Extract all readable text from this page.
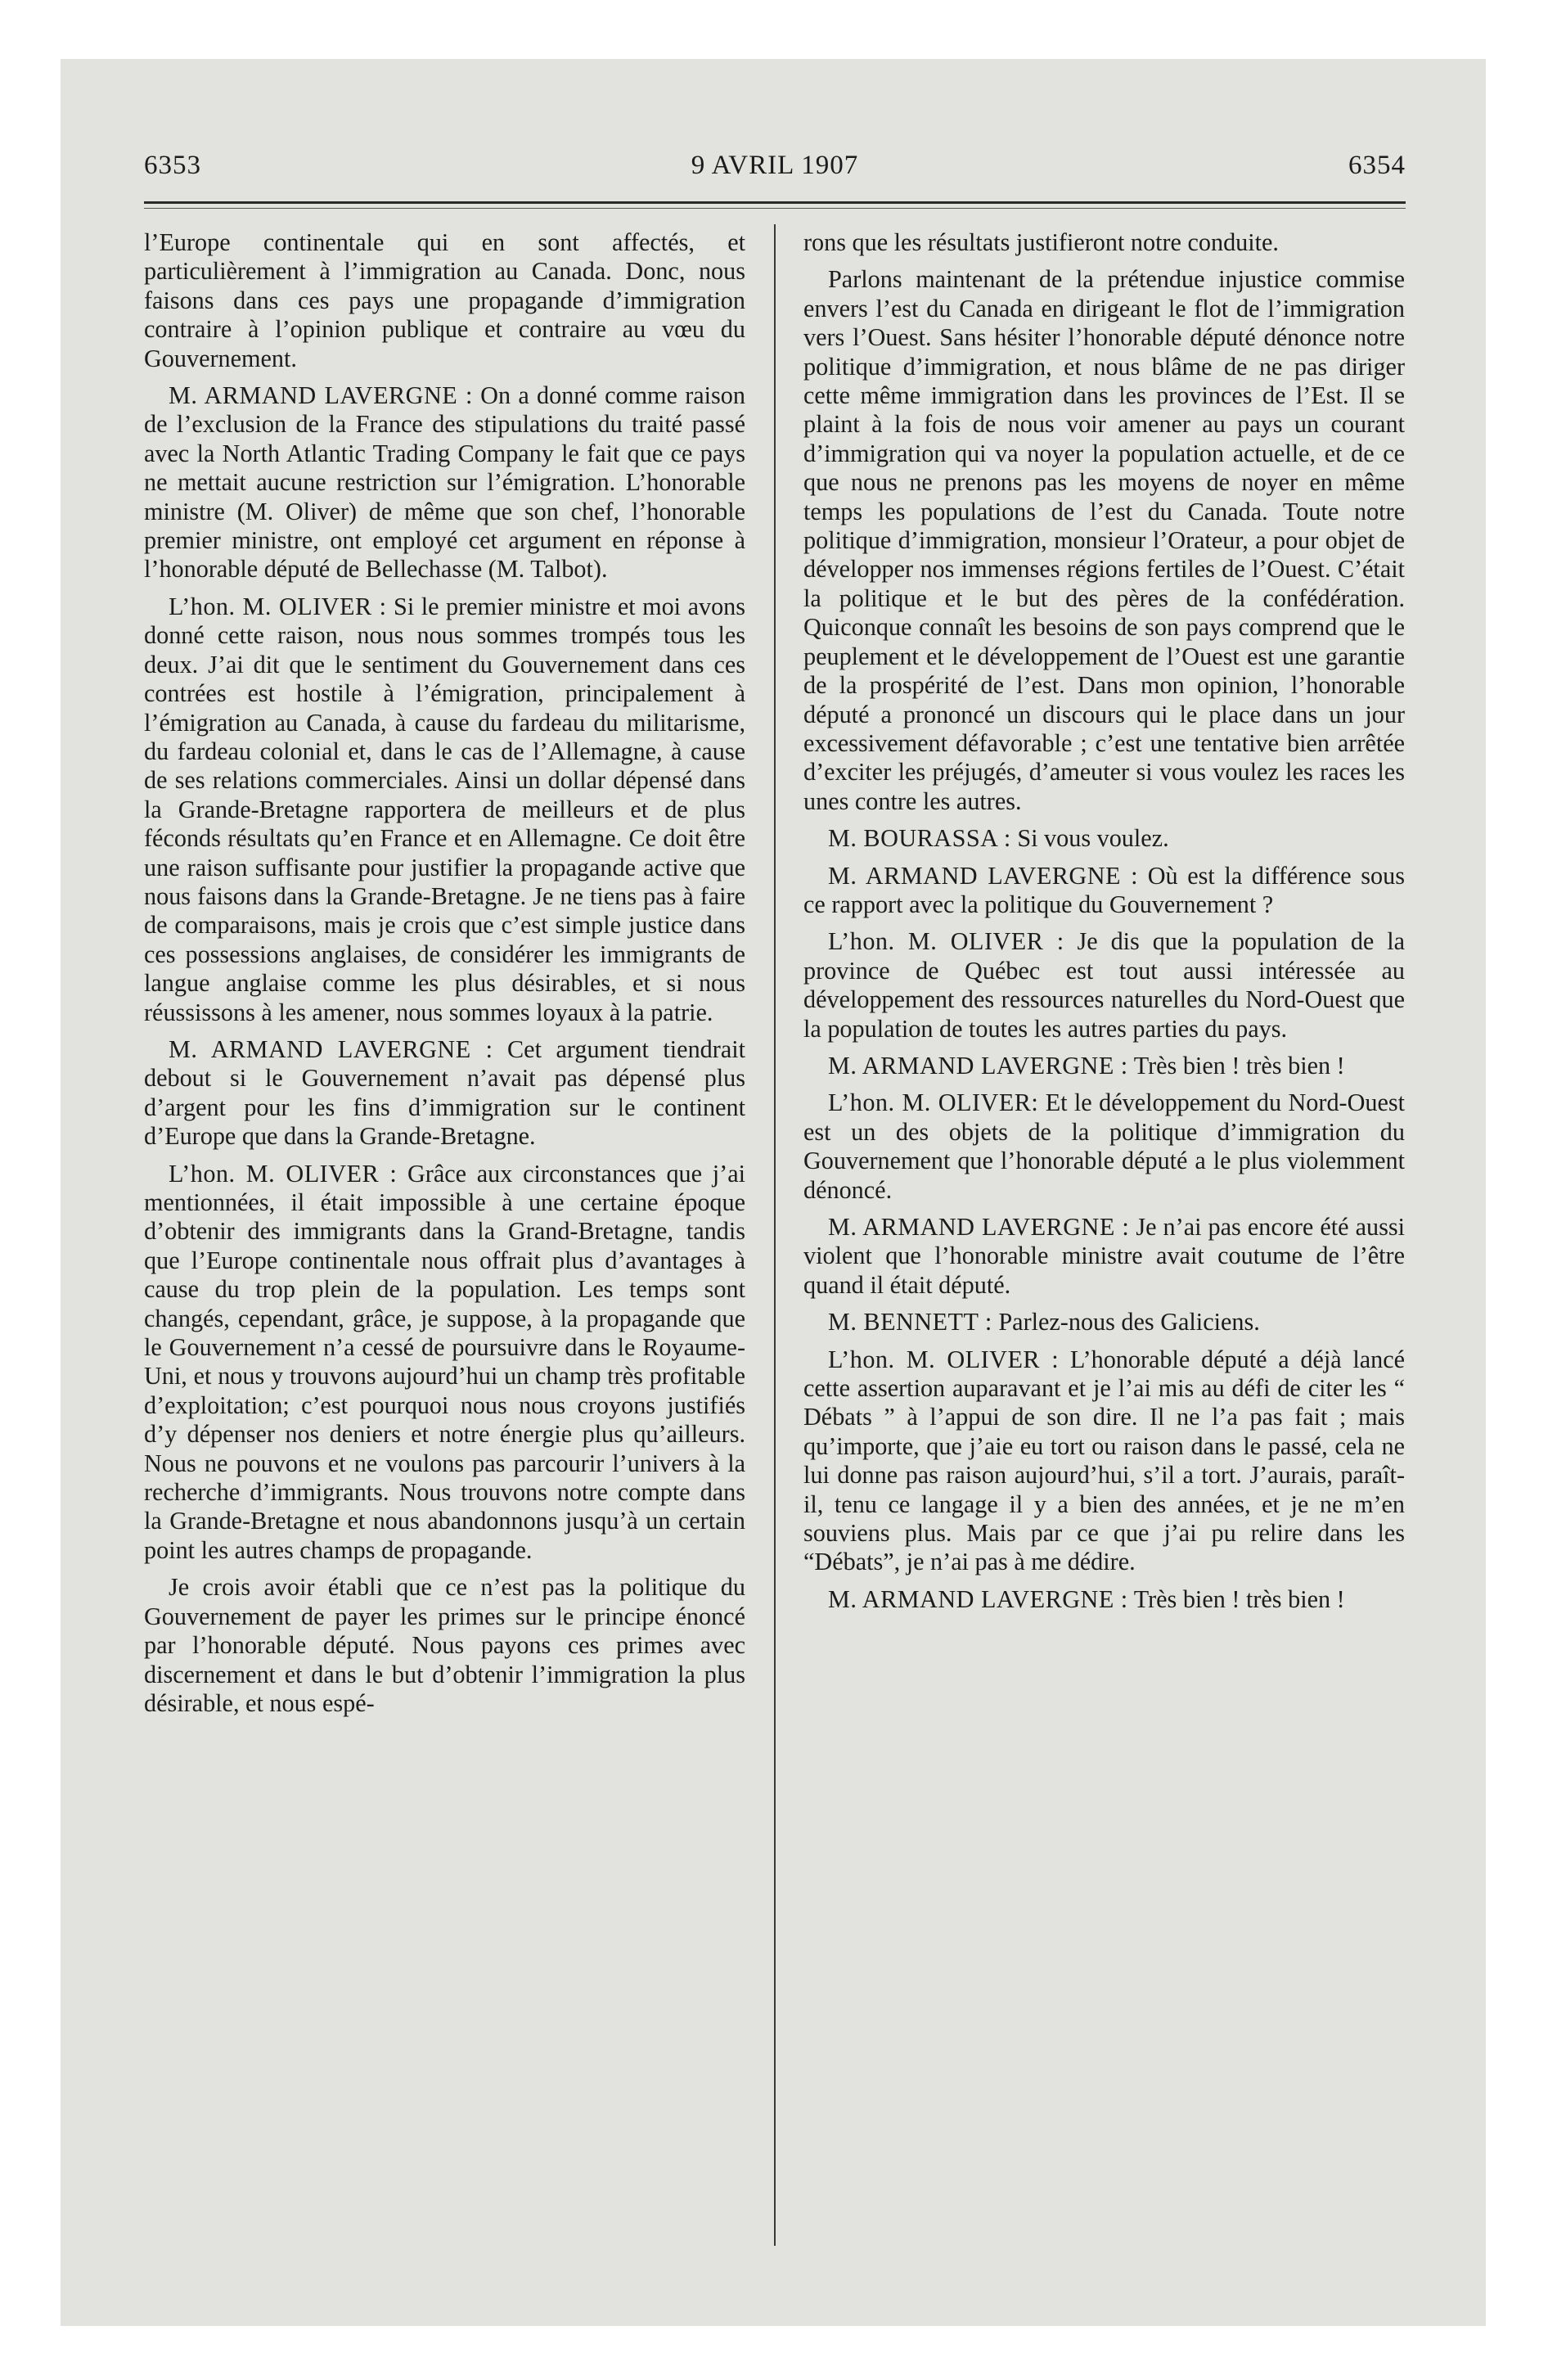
6353	9 AVRIL 1907	6354

l’Europe continentale qui en sont affectés, et particulièrement à l’immigration au Canada. Donc, nous faisons dans ces pays une propagande d’immigration contraire à l’opinion publique et contraire au vœu du Gouvernement.

M. ARMAND LAVERGNE : On a donné comme raison de l’exclusion de la France des stipulations du traité passé avec la North Atlantic Trading Company le fait que ce pays ne mettait aucune restriction sur l’émigration. L’honorable ministre (M. Oliver) de même que son chef, l’honorable premier ministre, ont employé cet argument en réponse à l’honorable député de Bellechasse (M. Talbot).

L’hon. M. OLIVER : Si le premier ministre et moi avons donné cette raison, nous nous sommes trompés tous les deux. J’ai dit que le sentiment du Gouvernement dans ces contrées est hostile à l’émigration, principalement à l’émigration au Canada, à cause du fardeau du militarisme, du fardeau colonial et, dans le cas de l’Allemagne, à cause de ses relations commerciales. Ainsi un dollar dépensé dans la Grande-Bretagne rapportera de meilleurs et de plus féconds résultats qu’en France et en Allemagne. Ce doit être une raison suffisante pour justifier la propagande active que nous faisons dans la Grande-Bretagne. Je ne tiens pas à faire de comparaisons, mais je crois que c’est simple justice dans ces possessions anglaises, de considérer les immigrants de langue anglaise comme les plus désirables, et si nous réussissons à les amener, nous sommes loyaux à la patrie.

M. ARMAND LAVERGNE : Cet argument tiendrait debout si le Gouvernement n’avait pas dépensé plus d’argent pour les fins d’immigration sur le continent d’Europe que dans la Grande-Bretagne.

L’hon. M. OLIVER : Grâce aux circonstances que j’ai mentionnées, il était impossible à une certaine époque d’obtenir des immigrants dans la Grand-Bretagne, tandis que l’Europe continentale nous offrait plus d’avantages à cause du trop plein de la population. Les temps sont changés, cependant, grâce, je suppose, à la propagande que le Gouvernement n’a cessé de poursuivre dans le Royaume-Uni, et nous y trouvons aujourd’hui un champ très profitable d’exploitation; c’est pourquoi nous nous croyons justifiés d’y dépenser nos deniers et notre énergie plus qu’ailleurs. Nous ne pouvons et ne voulons pas parcourir l’univers à la recherche d’immigrants. Nous trouvons notre compte dans la Grande-Bretagne et nous abandonnons jusqu’à un certain point les autres champs de propagande.

Je crois avoir établi que ce n’est pas la politique du Gouvernement de payer les primes sur le principe énoncé par l’honorable député. Nous payons ces primes avec discernement et dans le but d’obtenir l’immigration la plus désirable, et nous espé-

rons que les résultats justifieront notre conduite.

Parlons maintenant de la prétendue injustice commise envers l’est du Canada en dirigeant le flot de l’immigration vers l’Ouest. Sans hésiter l’honorable député dénonce notre politique d’immigration, et nous blâme de ne pas diriger cette même immigration dans les provinces de l’Est. Il se plaint à la fois de nous voir amener au pays un courant d’immigration qui va noyer la population actuelle, et de ce que nous ne prenons pas les moyens de noyer en même temps les populations de l’est du Canada. Toute notre politique d’immigration, monsieur l’Orateur, a pour objet de développer nos immenses régions fertiles de l’Ouest. C’était la politique et le but des pères de la confédération. Quiconque connaît les besoins de son pays comprend que le peuplement et le développement de l’Ouest est une garantie de la prospérité de l’est. Dans mon opinion, l’honorable député a prononcé un discours qui le place dans un jour excessivement défavorable ; c’est une tentative bien arrêtée d’exciter les préjugés, d’ameuter si vous voulez les races les unes contre les autres.

M. BOURASSA : Si vous voulez.

M. ARMAND LAVERGNE : Où est la différence sous ce rapport avec la politique du Gouvernement ?

L’hon. M. OLIVER : Je dis que la population de la province de Québec est tout aussi intéressée au développement des ressources naturelles du Nord-Ouest que la population de toutes les autres parties du pays.

M. ARMAND LAVERGNE : Très bien ! très bien !

L’hon. M. OLIVER: Et le développement du Nord-Ouest est un des objets de la politique d’immigration du Gouvernement que l’honorable député a le plus violemment dénoncé.

M. ARMAND LAVERGNE : Je n’ai pas encore été aussi violent que l’honorable ministre avait coutume de l’être quand il était député.

M. BENNETT : Parlez-nous des Galiciens.

L’hon. M. OLIVER : L’honorable député a déjà lancé cette assertion auparavant et je l’ai mis au défi de citer les “ Débats ” à l’appui de son dire. Il ne l’a pas fait ; mais qu’importe, que j’aie eu tort ou raison dans le passé, cela ne lui donne pas raison aujourd’hui, s’il a tort. J’aurais, paraît-il, tenu ce langage il y a bien des années, et je ne m’en souviens plus. Mais par ce que j’ai pu relire dans les “Débats”, je n’ai pas à me dédire.

M. ARMAND LAVERGNE : Très bien ! très bien !
